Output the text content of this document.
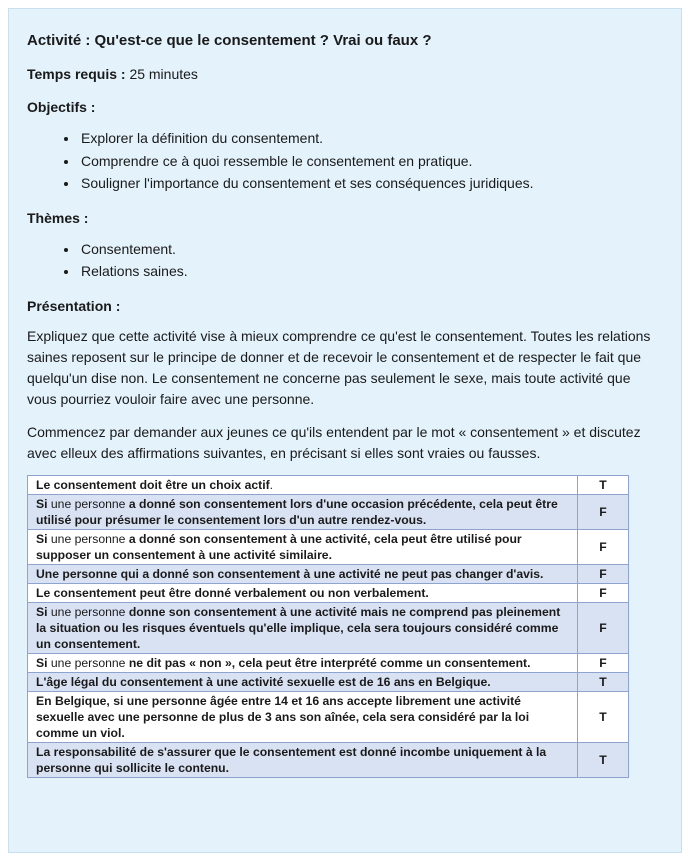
Activité : Qu'est-ce que le consentement ? Vrai ou faux ?
Temps requis : 25 minutes
Objectifs :
• Explorer la définition du consentement.
• Comprendre ce à quoi ressemble le consentement en pratique.
• Souligner l'importance du consentement et ses conséquences juridiques.
Thèmes :
• Consentement.
• Relations saines.
Présentation :

Expliquez que cette activité vise à mieux comprendre ce qu'est le consentement. Toutes les relations saines reposent sur le principe de donner et de recevoir le consentement et de respecter le fait que quelqu'un dise non. Le consentement ne concerne pas seulement le sexe, mais toute activité que vous pourriez vouloir faire avec une personne.

Commencez par demander aux jeunes ce qu'ils entendent par le mot « consentement » et discutez avec elleux des affirmations suivantes, en précisant si elles sont vraies ou fausses.

Le consentement doit être un choix actif.	T
Si une personne a donné son consentement lors d'une occasion précédente, cela peut être utilisé pour présumer le consentement lors d'un autre rendez-vous.	F
Si une personne a donné son consentement à une activité, cela peut être utilisé pour supposer un consentement à une activité similaire.	F
Une personne qui a donné son consentement à une activité ne peut pas changer d'avis.	F
Le consentement peut être donné verbalement ou non verbalement.	F
Si une personne donne son consentement à une activité mais ne comprend pas pleinement la situation ou les risques éventuels qu'elle implique, cela sera toujours considéré comme un consentement.	F
Si une personne ne dit pas « non », cela peut être interprété comme un consentement.	F
L'âge légal du consentement à une activité sexuelle est de 16 ans en Belgique.	T
En Belgique, si une personne âgée entre 14 et 16 ans accepte librement une activité sexuelle avec une personne de plus de 3 ans son aînée, cela sera considéré par la loi comme un viol.	T
La responsabilité de s'assurer que le consentement est donné incombe uniquement à la personne qui sollicite le contenu.	T
